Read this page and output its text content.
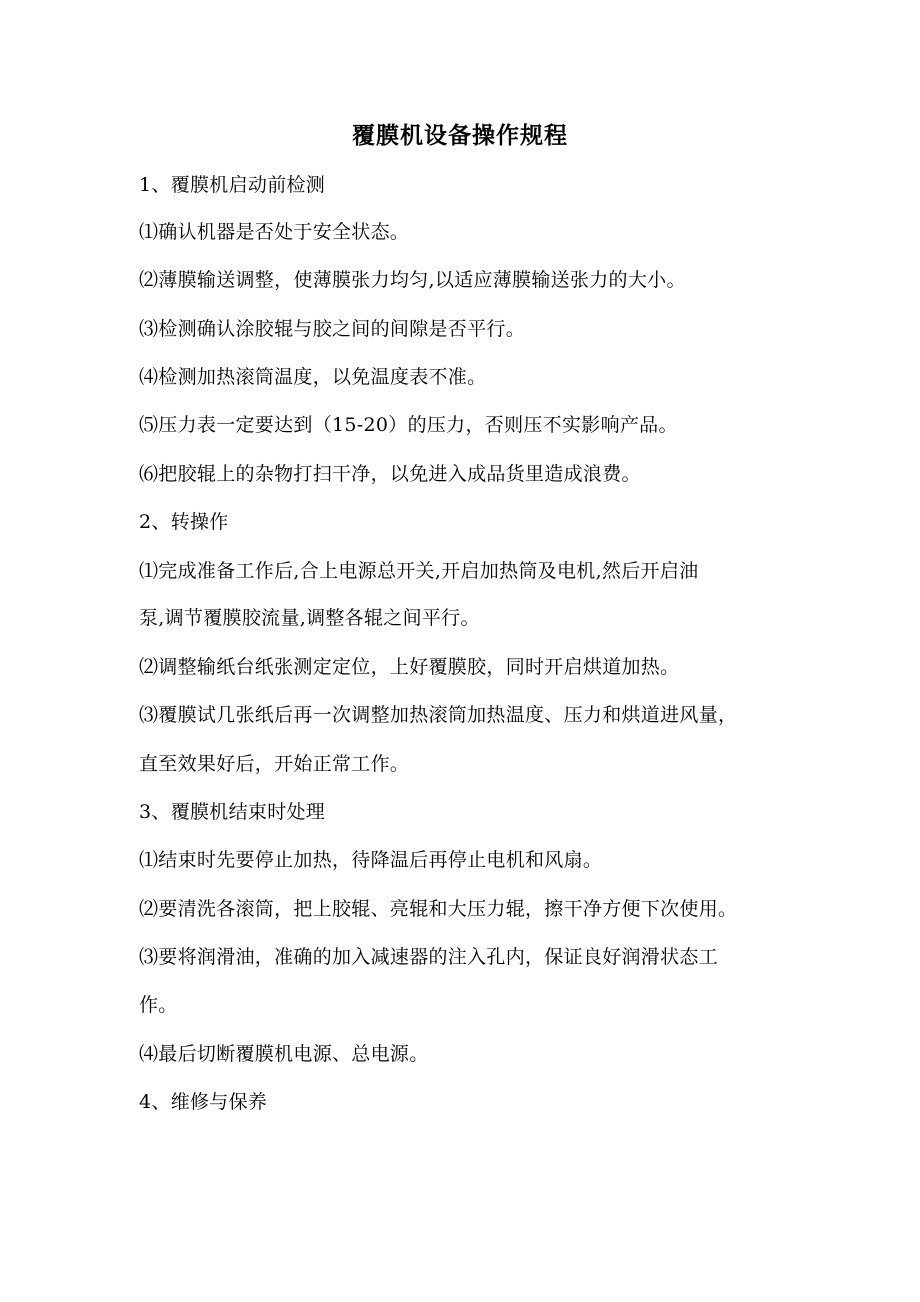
覆膜机设备操作规程
1、覆膜机启动前检测
⑴确认机器是否处于安全状态。
⑵薄膜输送调整，使薄膜张力均匀,以适应薄膜输送张力的大小。
⑶检测确认涂胶辊与胶之间的间隙是否平行。
⑷检测加热滚筒温度，以免温度表不准。
⑸压力表一定要达到（15-20）的压力，否则压不实影响产品。
⑹把胶辊上的杂物打扫干净，以免进入成品货里造成浪费。
2、转操作
⑴完成准备工作后,合上电源总开关,开启加热筒及电机,然后开启油
泵,调节覆膜胶流量,调整各辊之间平行。
⑵调整输纸台纸张测定定位，上好覆膜胶，同时开启烘道加热。
⑶覆膜试几张纸后再一次调整加热滚筒加热温度、压力和烘道进风量，
直至效果好后，开始正常工作。
3、覆膜机结束时处理
⑴结束时先要停止加热，待降温后再停止电机和风扇。
⑵要清洗各滚筒，把上胶辊、亮辊和大压力辊，擦干净方便下次使用。
⑶要将润滑油，准确的加入减速器的注入孔内，保证良好润滑状态工
作。
⑷最后切断覆膜机电源、总电源。
4、维修与保养
